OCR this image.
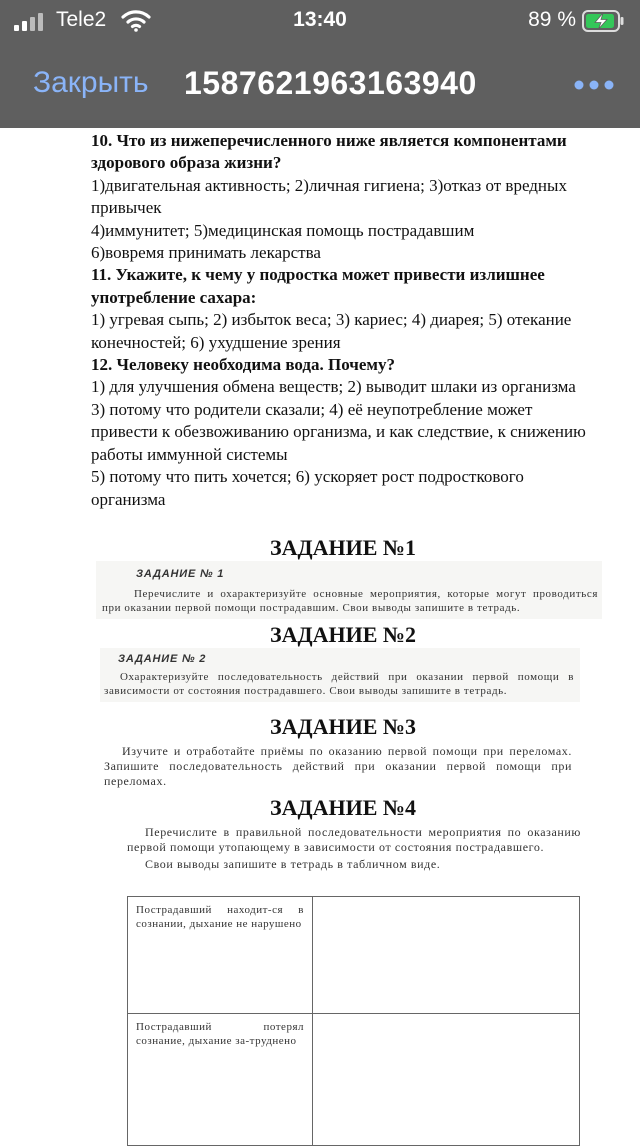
Tele2	13:40	89 %
Закрыть 1587621963163940

10. Что из нижеперечисленного ниже является компонентами здорового образа жизни?

1)двигательная активность; 2)личная гигиена; 3)отказ от вредных привычек

4)иммунитет; 5)медицинская помощь пострадавшим

6)вовремя принимать лекарства

11. Укажите, к чему у подростка может привести излишнее употребление сахара:

1) угревая сыпь; 2) избыток веса; 3) кариес; 4) диарея; 5) отекание конечностей; 6) ухудшение зрения

12. Человеку необходима вода. Почему?

1) для улучшения обмена веществ; 2) выводит шлаки из организма

3) потому что родители сказали; 4) её неупотребление может привести к обезвоживанию организма, и как следствие, к снижению работы иммунной системы

5) потому что пить хочется; 6) ускоряет рост подросткового организма

ЗАДАНИЕ №1
ЗАДАНИЕ № 1
Перечислите и охарактеризуйте основные мероприятия, которые могут проводиться при оказании первой помощи пострадавшим. Свои выводы запишите в тетрадь.
ЗАДАНИЕ №2
ЗАДАНИЕ № 2
Охарактеризуйте последовательность действий при оказании первой помощи в зависимости от состояния пострадавшего. Свои выводы запишите в тетрадь.
ЗАДАНИЕ №3
Изучите и отработайте приёмы по оказанию первой помощи при переломах. Запишите последовательность действий при оказании первой помощи при переломах.
ЗАДАНИЕ №4
Перечислите в правильной последовательности мероприятия по оказанию первой помощи утопающему в зависимости от состояния пострадавшего.
Свои выводы запишите в тетрадь в табличном виде.
Пострадавший находит-ся в сознании, дыхание не нарушено	
Пострадавший потерял сознание, дыхание за-труднено	
